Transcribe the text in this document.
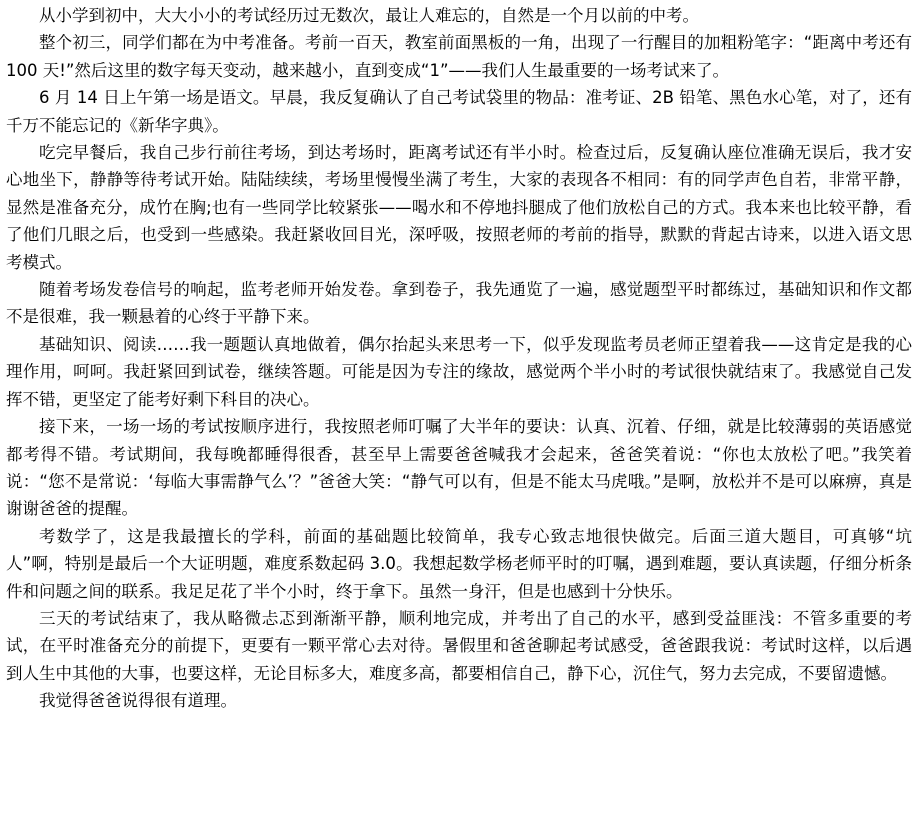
从小学到初中，大大小小的考试经历过无数次，最让人难忘的，自然是一个月以前的中考。

整个初三，同学们都在为中考准备。考前一百天，教室前面黑板的一角，出现了一行醒目的加粗粉笔字：“距离中考还有 100 天!”然后这里的数字每天变动，越来越小，直到变成“1”——我们人生最重要的一场考试来了。

6 月 14 日上午第一场是语文。早晨，我反复确认了自己考试袋里的物品：准考证、2B 铅笔、黑色水心笔，对了，还有千万不能忘记的《新华字典》。

吃完早餐后，我自己步行前往考场，到达考场时，距离考试还有半小时。检查过后，反复确认座位准确无误后，我才安心地坐下，静静等待考试开始。陆陆续续，考场里慢慢坐满了考生，大家的表现各不相同：有的同学声色自若，非常平静，显然是准备充分，成竹在胸;也有一些同学比较紧张——喝水和不停地抖腿成了他们放松自己的方式。我本来也比较平静，看了他们几眼之后，也受到一些感染。我赶紧收回目光，深呼吸，按照老师的考前的指导，默默的背起古诗来，以进入语文思考模式。

随着考场发卷信号的响起，监考老师开始发卷。拿到卷子，我先通览了一遍，感觉题型平时都练过，基础知识和作文都不是很难，我一颗悬着的心终于平静下来。

基础知识、阅读……我一题题认真地做着，偶尔抬起头来思考一下，似乎发现监考员老师正望着我——这肯定是我的心理作用，呵呵。我赶紧回到试卷，继续答题。可能是因为专注的缘故，感觉两个半小时的考试很快就结束了。我感觉自己发挥不错，更坚定了能考好剩下科目的决心。

接下来，一场一场的考试按顺序进行，我按照老师叮嘱了大半年的要诀：认真、沉着、仔细，就是比较薄弱的英语感觉都考得不错。考试期间，我每晚都睡得很香，甚至早上需要爸爸喊我才会起来，爸爸笑着说：“你也太放松了吧。”我笑着说：“您不是常说：‘每临大事需静气么’？”爸爸大笑：“静气可以有，但是不能太马虎哦。”是啊，放松并不是可以麻痹，真是谢谢爸爸的提醒。

考数学了，这是我最擅长的学科，前面的基础题比较简单，我专心致志地很快做完。后面三道大题目，可真够“坑人”啊，特别是最后一个大证明题，难度系数起码 3.0。我想起数学杨老师平时的叮嘱，遇到难题，要认真读题，仔细分析条件和问题之间的联系。我足足花了半个小时，终于拿下。虽然一身汗，但是也感到十分快乐。

三天的考试结束了，我从略微忐忑到渐渐平静，顺利地完成，并考出了自己的水平，感到受益匪浅：不管多重要的考试，在平时准备充分的前提下，更要有一颗平常心去对待。暑假里和爸爸聊起考试感受，爸爸跟我说：考试时这样，以后遇到人生中其他的大事，也要这样，无论目标多大，难度多高，都要相信自己，静下心，沉住气，努力去完成，不要留遗憾。

我觉得爸爸说得很有道理。
